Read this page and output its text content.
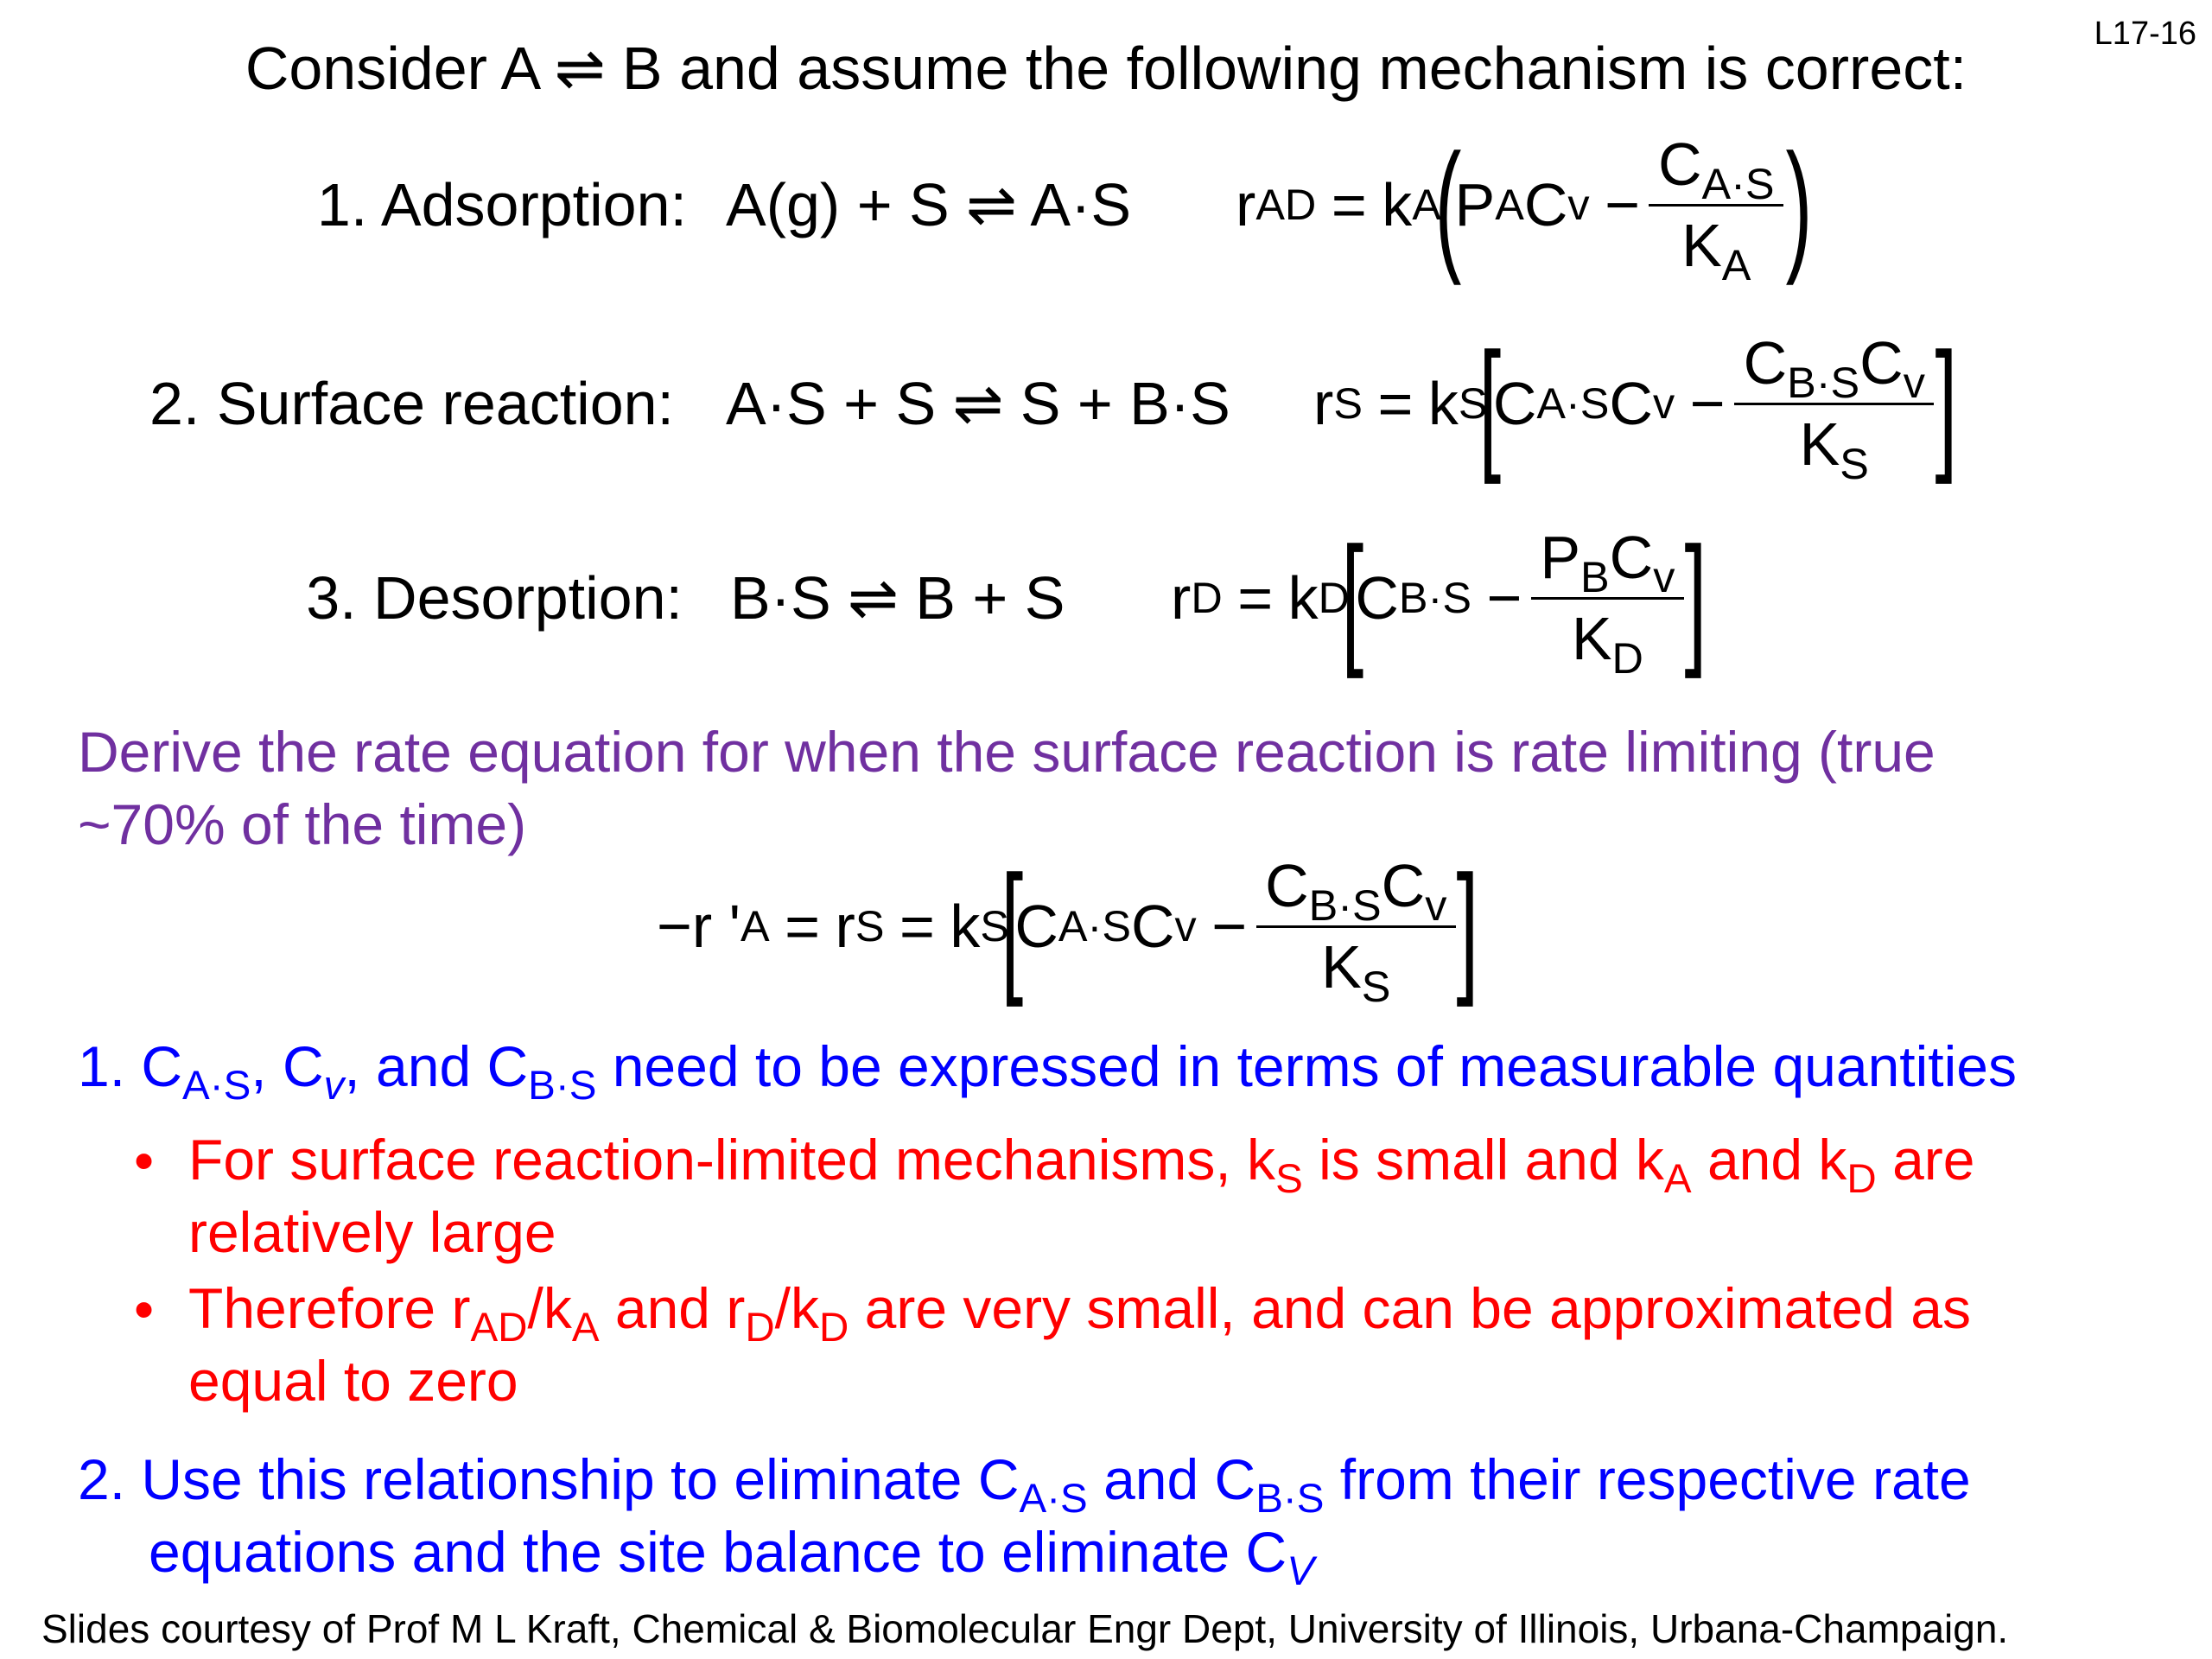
L17-16
Consider A ⇌ B and assume the following mechanism is correct:
1. Adsorption: A(g) + S ⇌ A·S	r AD = k A
(
P A C $v - \frac{C_{A\cdot S}}{K_A}$ )
2. Surface reaction: A·S + S ⇌ S + B·S	r S = k S
[
C A·S C $v - \frac{C_{B\cdot S}C_v}{K_S}$ ]
3. Desorption: B·S ⇌ B + S	r D = k D
[
C $B\cdot S - \frac{P_BC_v}{K_D}$ ]
Derive the rate equation for when the surface reaction is rate limiting (true
~70% of the time)
−r ' A = r S = k S
[
C A·S C $v - \frac{C_{B\cdot S}C_v}{K_S}$ ]
1. $C_{A\cdot S}$, $C_v$, and $C_{B\cdot S}$ need to be expressed in terms of measurable quantities
• For surface reaction-limited mechanisms, $k_S$ is small and $k_A$ and $k_D$ are
relatively large
• Therefore $r_{AD}/k_A$ and $r_D/k_D$ are very small, and can be approximated as
equal to zero
2. Use this relationship to eliminate $C_{A\cdot S}$ and $C_{B\cdot S}$ from their respective rate
equations and the site balance to eliminate $C_V$
Slides courtesy of Prof M L Kraft, Chemical & Biomolecular Engr Dept, University of Illinois, Urbana-Champaign.
